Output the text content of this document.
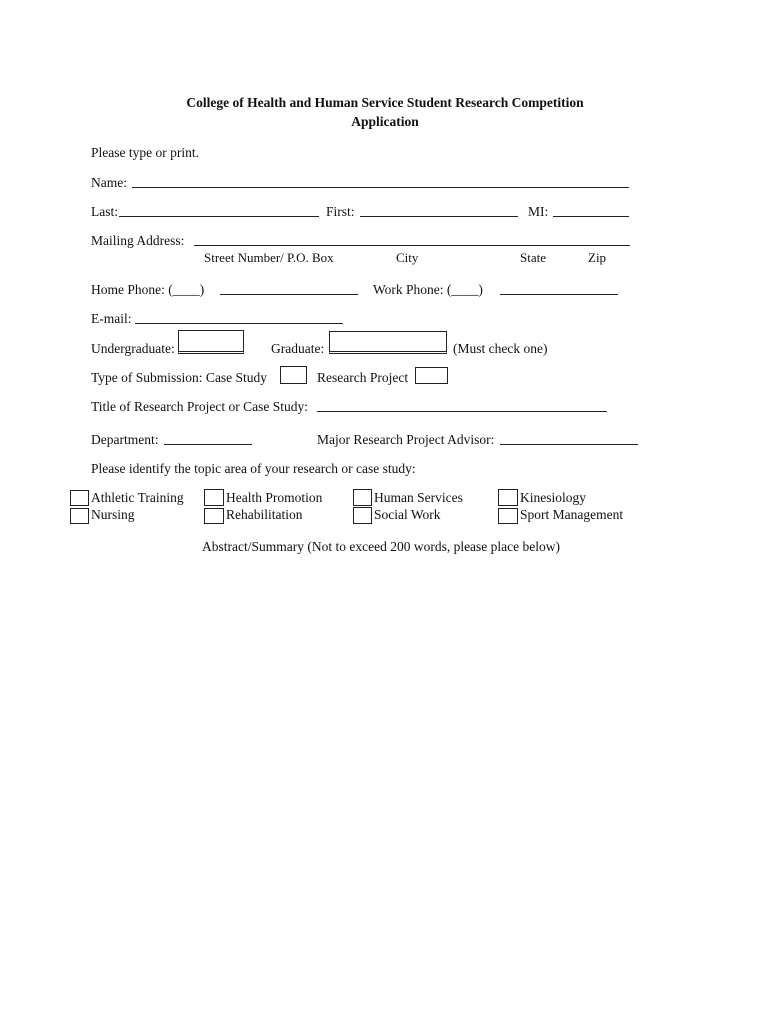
College of Health and Human Service Student Research Competition
Application
Please type or print.
Name:
Last:	First:	MI:
Mailing Address:
Street Number/ P.O. Box	City	State	Zip
Home Phone: (____)	Work Phone: (____)
E-mail:
Undergraduate:	Graduate:	(Must check one)
Type of Submission: Case Study	Research Project
Title of Research Project or Case Study:
Department:	Major Research Project Advisor:
Please identify the topic area of your research or case study:
Athletic Training	Health Promotion	Human Services	Kinesiology
Nursing	Rehabilitation	Social Work	Sport Management
Abstract/Summary (Not to exceed 200 words, please place below)
